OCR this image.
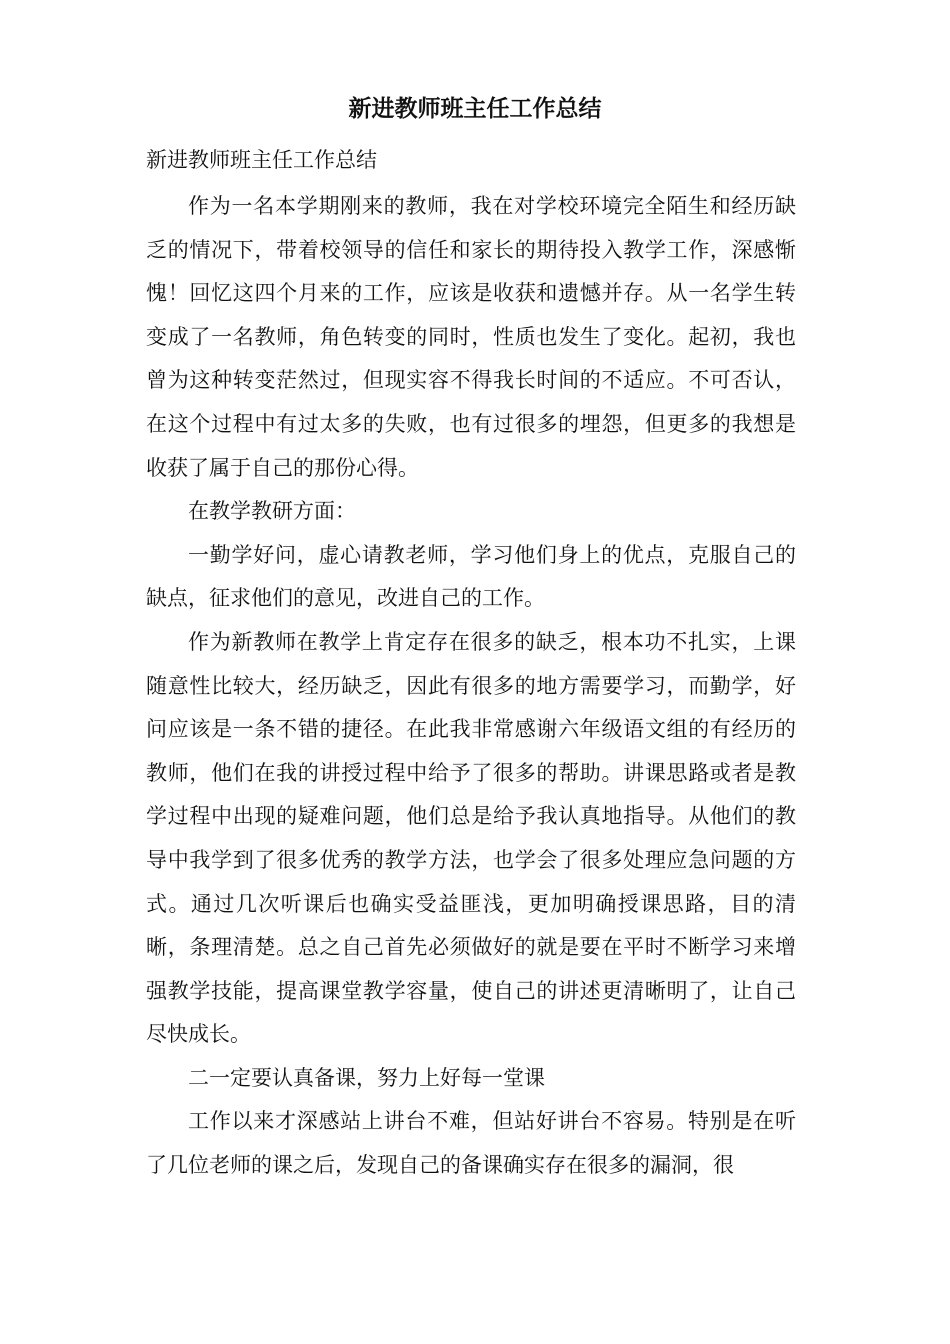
新进教师班主任工作总结
新进教师班主任工作总结

作为一名本学期刚来的教师，我在对学校环境完全陌生和经历缺乏的情况下，带着校领导的信任和家长的期待投入教学工作，深感惭愧！回忆这四个月来的工作，应该是收获和遗憾并存。从一名学生转变成了一名教师，角色转变的同时，性质也发生了变化。起初，我也曾为这种转变茫然过，但现实容不得我长时间的不适应。不可否认，在这个过程中有过太多的失败，也有过很多的埋怨，但更多的我想是收获了属于自己的那份心得。

在教学教研方面：

一勤学好问，虚心请教老师，学习他们身上的优点，克服自己的缺点，征求他们的意见，改进自己的工作。

作为新教师在教学上肯定存在很多的缺乏，根本功不扎实，上课随意性比较大，经历缺乏，因此有很多的地方需要学习，而勤学，好问应该是一条不错的捷径。在此我非常感谢六年级语文组的有经历的教师，他们在我的讲授过程中给予了很多的帮助。讲课思路或者是教学过程中出现的疑难问题，他们总是给予我认真地指导。从他们的教导中我学到了很多优秀的教学方法，也学会了很多处理应急问题的方式。通过几次听课后也确实受益匪浅，更加明确授课思路，目的清晰，条理清楚。总之自己首先必须做好的就是要在平时不断学习来增强教学技能，提高课堂教学容量，使自己的讲述更清晰明了，让自己尽快成长。

二一定要认真备课，努力上好每一堂课

工作以来才深感站上讲台不难，但站好讲台不容易。特别是在听了几位老师的课之后，发现自己的备课确实存在很多的漏洞，很
